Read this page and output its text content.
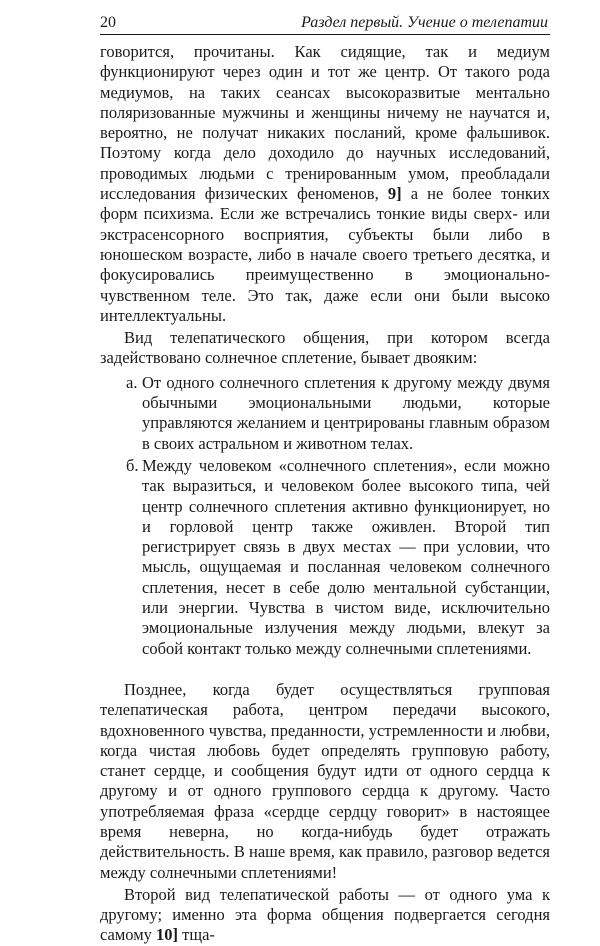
20	Раздел первый. Учение о телепатии

говорится, прочитаны. Как сидящие, так и медиум функционируют через один и тот же центр. От такого рода медиумов, на таких сеансах высокоразвитые ментально поляризованные мужчины и женщины ничему не научатся и, вероятно, не получат никаких посланий, кроме фальшивок. Поэтому когда дело доходило до научных исследований, проводимых людьми с тренированным умом, преобладали исследования физических феноменов, 9] а не более тонких форм психизма. Если же встречались тонкие виды сверх- или экстрасенсорного восприятия, субъекты были либо в юношеском возрасте, либо в начале своего третьего десятка, и фокусировались преимущественно в эмоционально-чувственном теле. Это так, даже если они были высоко интеллектуальны.

Вид телепатического общения, при котором всегда задействовано солнечное сплетение, бывает двояким:

а. От одного солнечного сплетения к другому между двумя обычными эмоциональными людьми, которые управляются желанием и центрированы главным образом в своих астральном и животном телах.

б. Между человеком «солнечного сплетения», если можно так выразиться, и человеком более высокого типа, чей центр солнечного сплетения активно функционирует, но и горловой центр также оживлен. Второй тип регистрирует связь в двух местах — при условии, что мысль, ощущаемая и посланная человеком солнечного сплетения, несет в себе долю ментальной субстанции, или энергии. Чувства в чистом виде, исключительно эмоциональные излучения между людьми, влекут за собой контакт только между солнечными сплетениями.

Позднее, когда будет осуществляться групповая телепатическая работа, центром передачи высокого, вдохновенного чувства, преданности, устремленности и любви, когда чистая любовь будет определять групповую работу, станет сердце, и сообщения будут идти от одного сердца к другому и от одного группового сердца к другому. Часто употребляемая фраза «сердце сердцу говорит» в настоящее время неверна, но когда-нибудь будет отражать действительность. В наше время, как правило, разговор ведется между солнечными сплетениями!

Второй вид телепатической работы — от одного ума к другому; именно эта форма общения подвергается сегодня самому 10] тща-
